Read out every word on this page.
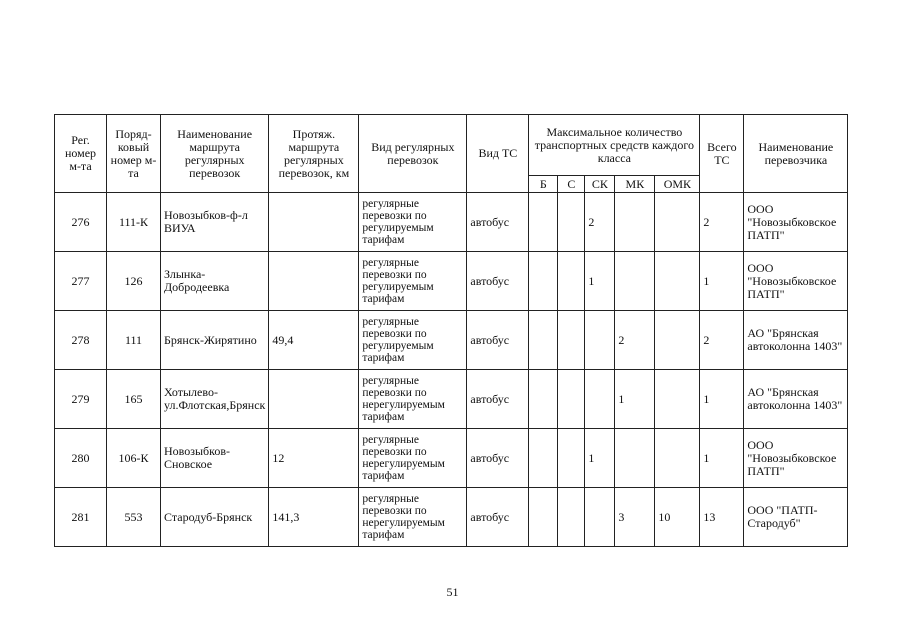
Рег. номер м-та	Поряд- ковый номер м-та	Наименование маршрута регулярных перевозок	Протяж. маршрута регулярных перевозок, км	Вид регулярных перевозок	Вид ТС	Максимальное количество транспортных средств каждого класса					Всего ТС	Наименование перевозчика
						Б	С	СК	МК	ОМК		
276	111-К	Новозыбков-ф-л ВИУА		регулярные перевозки по регулируемым тарифам	автобус			2			2	ООО "Новозыбковское ПАТП"
277	126	Злынка-Добродеевка		регулярные перевозки по регулируемым тарифам	автобус			1			1	ООО "Новозыбковское ПАТП"
278	111	Брянск-Жирятино	49,4	регулярные перевозки по регулируемым тарифам	автобус				2		2	АО "Брянская автоколонна 1403"
279	165	Хотылево-ул.Флотская,Брянск		регулярные перевозки по нерегулируемым тарифам	автобус				1		1	АО "Брянская автоколонна 1403"
280	106-К	Новозыбков-Сновское	12	регулярные перевозки по нерегулируемым тарифам	автобус			1			1	ООО "Новозыбковское ПАТП"
281	553	Стародуб-Брянск	141,3	регулярные перевозки по нерегулируемым тарифам	автобус				3	10	13	ООО "ПАТП-Стародуб"
51
